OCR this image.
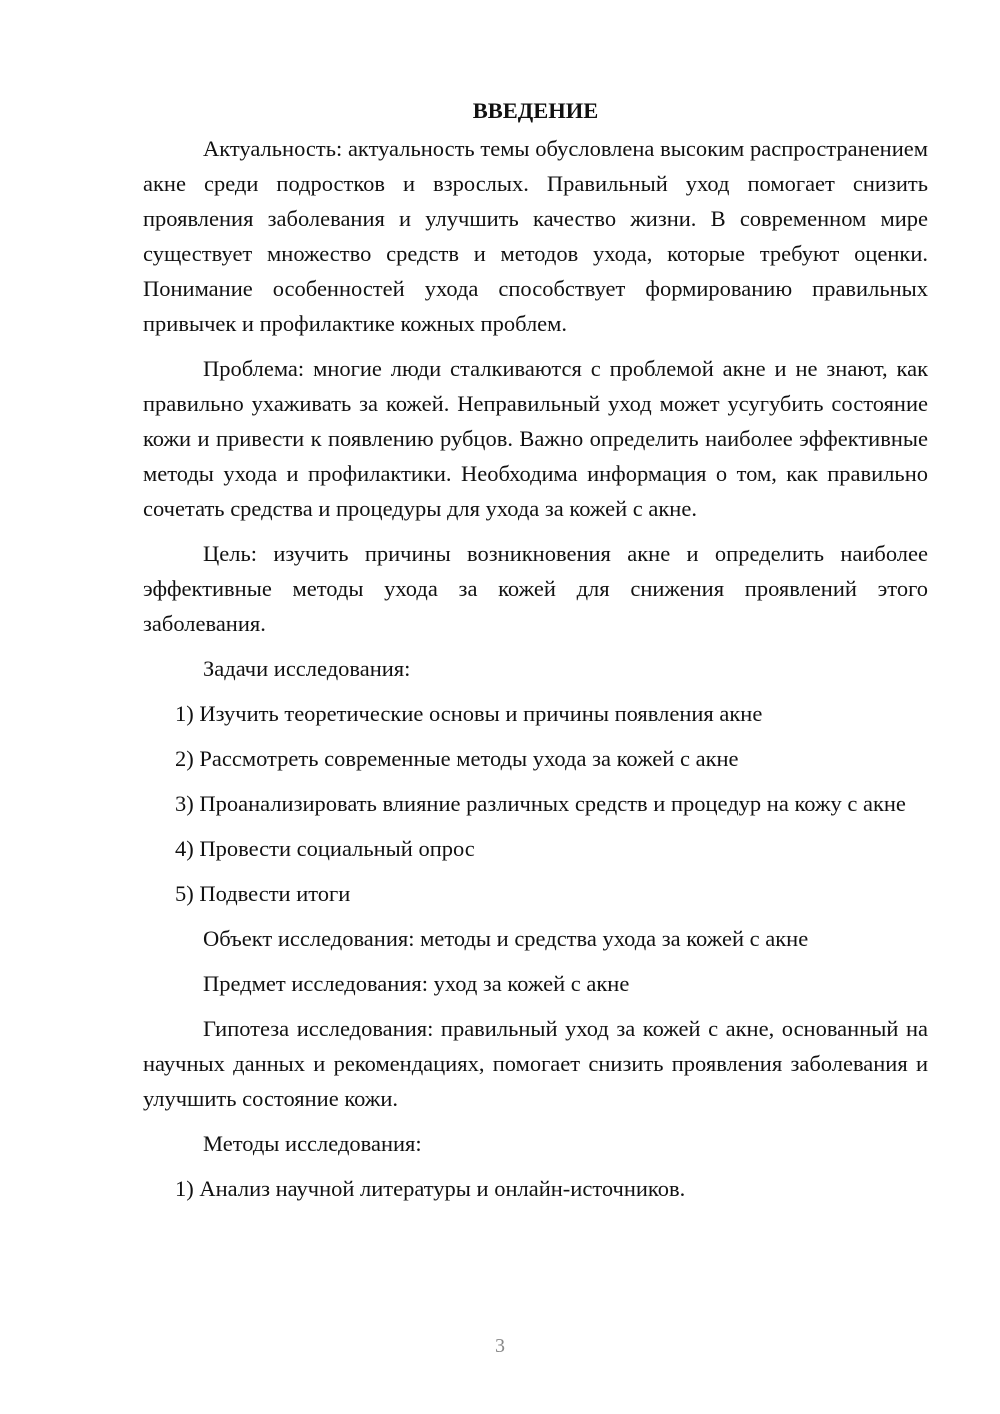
ВВЕДЕНИЕ

Актуальность: актуальность темы обусловлена высоким распространением акне среди подростков и взрослых. Правильный уход помогает снизить проявления заболевания и улучшить качество жизни. В современном мире существует множество средств и методов ухода, которые требуют оценки. Понимание особенностей ухода способствует формированию правильных привычек и профилактике кожных проблем.

Проблема: многие люди сталкиваются с проблемой акне и не знают, как правильно ухаживать за кожей. Неправильный уход может усугубить состояние кожи и привести к появлению рубцов. Важно определить наиболее эффективные методы ухода и профилактики. Необходима информация о том, как правильно сочетать средства и процедуры для ухода за кожей с акне.

Цель: изучить причины возникновения акне и определить наиболее эффективные методы ухода за кожей для снижения проявлений этого заболевания.

Задачи исследования:

1) Изучить теоретические основы и причины появления акне

2) Рассмотреть современные методы ухода за кожей с акне

3) Проанализировать влияние различных средств и процедур на кожу с акне

4) Провести социальный опрос

5) Подвести итоги

Объект исследования: методы и средства ухода за кожей с акне

Предмет исследования: уход за кожей с акне

Гипотеза исследования: правильный уход за кожей с акне, основанный на научных данных и рекомендациях, помогает снизить проявления заболевания и улучшить состояние кожи.

Методы исследования:

1) Анализ научной литературы и онлайн-источников.

3
